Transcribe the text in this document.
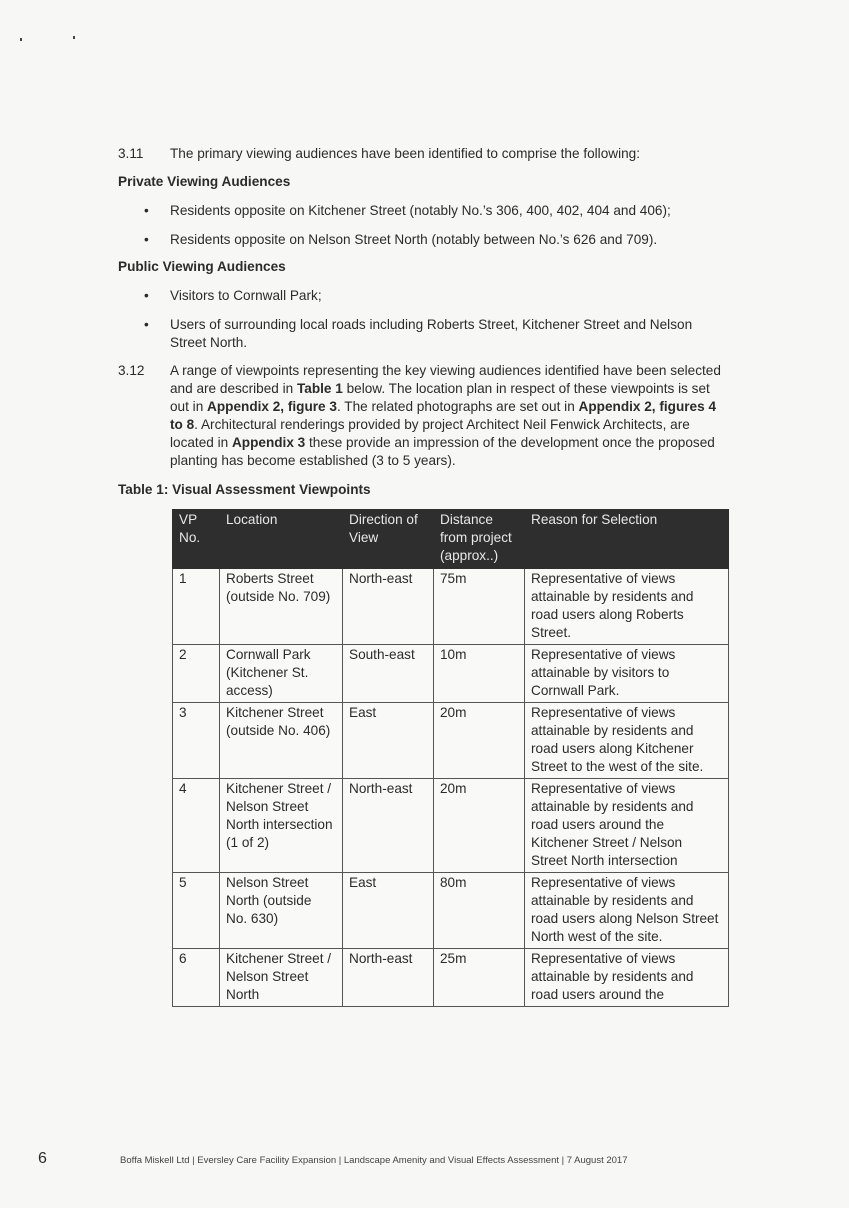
3.11 The primary viewing audiences have been identified to comprise the following:
Private Viewing Audiences
• Residents opposite on Kitchener Street (notably No.’s 306, 400, 402, 404 and 406);
• Residents opposite on Nelson Street North (notably between No.’s 626 and 709).
Public Viewing Audiences
• Visitors to Cornwall Park;
• Users of surrounding local roads including Roberts Street, Kitchener Street and Nelson Street North.
3.12 A range of viewpoints representing the key viewing audiences identified have been selected and are described in Table 1 below. The location plan in respect of these viewpoints is set out in Appendix 2, figure 3. The related photographs are set out in Appendix 2, figures 4 to 8. Architectural renderings provided by project Architect Neil Fenwick Architects, are located in Appendix 3 these provide an impression of the development once the proposed planting has become established (3 to 5 years).
Table 1: Visual Assessment Viewpoints
VP No.	Location	Direction of View	Distance from project (approx..)	Reason for Selection
1	Roberts Street (outside No. 709)	North-east	75m	Representative of views attainable by residents and road users along Roberts Street.
2	Cornwall Park (Kitchener St. access)	South-east	10m	Representative of views attainable by visitors to Cornwall Park.
3	Kitchener Street (outside No. 406)	East	20m	Representative of views attainable by residents and road users along Kitchener Street to the west of the site.
4	Kitchener Street / Nelson Street North intersection (1 of 2)	North-east	20m	Representative of views attainable by residents and road users around the Kitchener Street / Nelson Street North intersection
5	Nelson Street North (outside No. 630)	East	80m	Representative of views attainable by residents and road users along Nelson Street North west of the site.
6	Kitchener Street / Nelson Street North	North-east	25m	Representative of views attainable by residents and road users around the
6	Boffa Miskell Ltd | Eversley Care Facility Expansion | Landscape Amenity and Visual Effects Assessment | 7 August 2017
